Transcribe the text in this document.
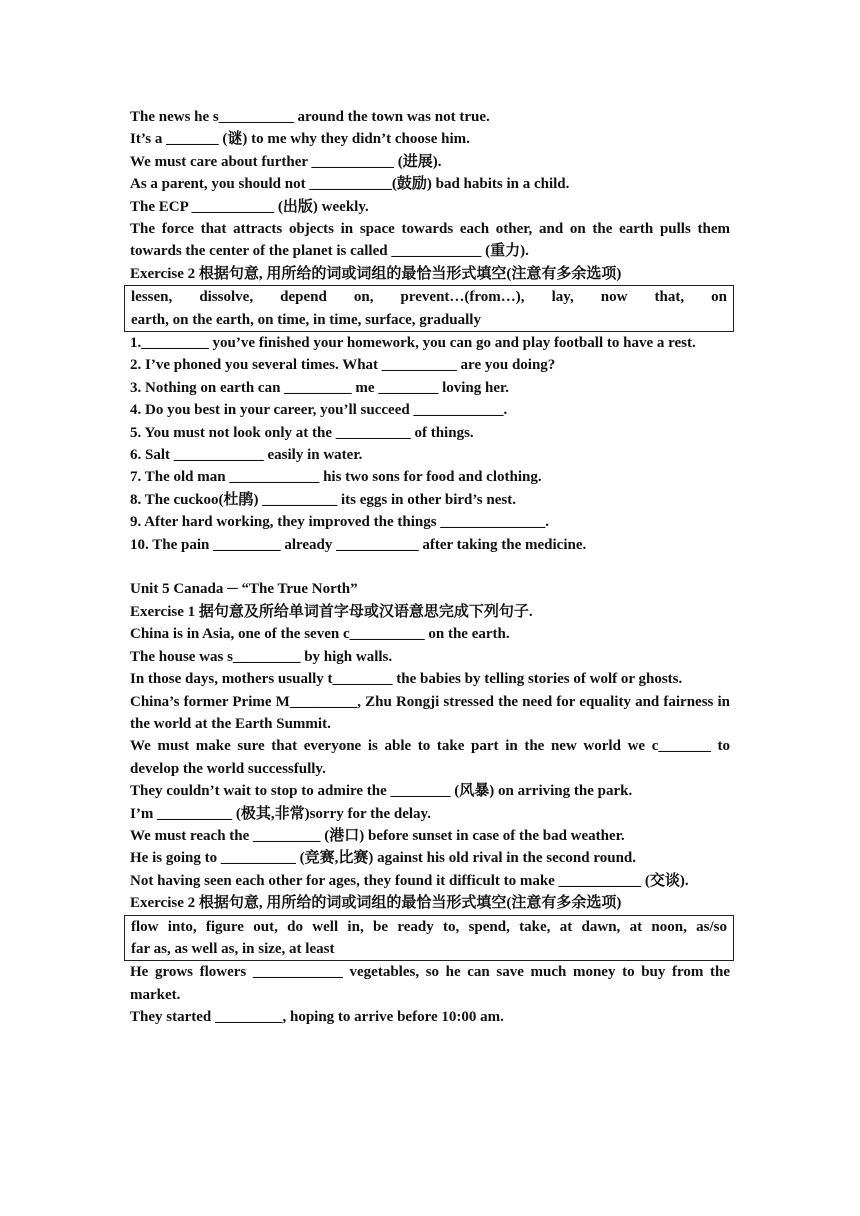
The news he s__________ around the town was not true.

It’s a _______ (谜) to me why they didn’t choose him.

We must care about further ___________ (进展).

As a parent, you should not ___________(鼓励) bad habits in a child.

The ECP ___________ (出版) weekly.

The force that attracts objects in space towards each other, and on the earth pulls them towards the center of the planet is called ____________ (重力).

Exercise 2 根据句意, 用所给的词或词组的最恰当形式填空(注意有多余选项)

lessen, dissolve, depend on, prevent…(from…), lay, now that, on

earth, on the earth, on time, in time, surface, gradually

1._________ you’ve finished your homework, you can go and play football to have a rest.

2. I’ve phoned you several times. What __________ are you doing?

3. Nothing on earth can _________ me ________ loving her.

4. Do you best in your career, you’ll succeed ____________.

5. You must not look only at the __________ of things.

6. Salt ____________ easily in water.

7. The old man ____________ his two sons for food and clothing.

8. The cuckoo(杜鹃) __________ its eggs in other bird’s nest.

9. After hard working, they improved the things ______________.

10. The pain _________ already ___________ after taking the medicine.

Unit 5 Canada ─ “The True North”

Exercise 1 据句意及所给单词首字母或汉语意思完成下列句子.

China is in Asia, one of the seven c__________ on the earth.

The house was s_________ by high walls.

In those days, mothers usually t________ the babies by telling stories of wolf or ghosts.

China’s former Prime M_________, Zhu Rongji stressed the need for equality and fairness in the world at the Earth Summit.

We must make sure that everyone is able to take part in the new world we c_______ to develop the world successfully.

They couldn’t wait to stop to admire the ________ (风暴) on arriving the park.

I’m __________ (极其,非常)sorry for the delay.

We must reach the _________ (港口) before sunset in case of the bad weather.

He is going to __________ (竞赛,比赛) against his old rival in the second round.

Not having seen each other for ages, they found it difficult to make ___________ (交谈).

Exercise 2 根据句意, 用所给的词或词组的最恰当形式填空(注意有多余选项)

flow into, figure out, do well in, be ready to, spend, take, at dawn, at noon, as/so

far as, as well as, in size, at least

He grows flowers ____________ vegetables, so he can save much money to buy from the market.

They started _________, hoping to arrive before 10:00 am.
